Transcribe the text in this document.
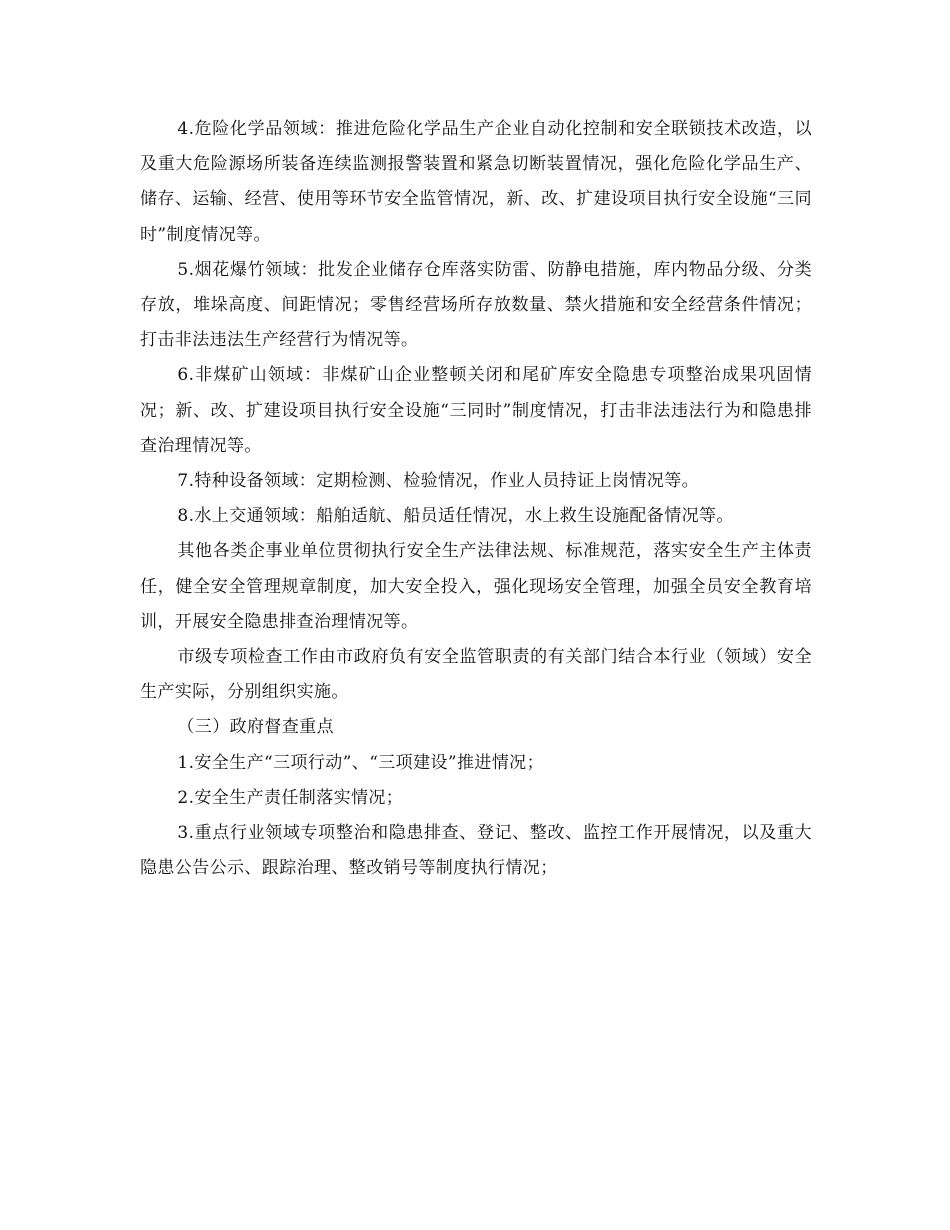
4.危险化学品领域：推进危险化学品生产企业自动化控制和安全联锁技术改造，以及重大危险源场所装备连续监测报警装置和紧急切断装置情况，强化危险化学品生产、储存、运输、经营、使用等环节安全监管情况，新、改、扩建设项目执行安全设施“三同时”制度情况等。

5.烟花爆竹领域：批发企业储存仓库落实防雷、防静电措施，库内物品分级、分类存放，堆垛高度、间距情况；零售经营场所存放数量、禁火措施和安全经营条件情况；打击非法违法生产经营行为情况等。

6.非煤矿山领域：非煤矿山企业整顿关闭和尾矿库安全隐患专项整治成果巩固情况；新、改、扩建设项目执行安全设施“三同时”制度情况，打击非法违法行为和隐患排查治理情况等。

7.特种设备领域：定期检测、检验情况，作业人员持证上岗情况等。

8.水上交通领域：船舶适航、船员适任情况，水上救生设施配备情况等。

其他各类企事业单位贯彻执行安全生产法律法规、标准规范，落实安全生产主体责任，健全安全管理规章制度，加大安全投入，强化现场安全管理，加强全员安全教育培训，开展安全隐患排查治理情况等。

市级专项检查工作由市政府负有安全监管职责的有关部门结合本行业（领域）安全生产实际，分别组织实施。

（三）政府督查重点

1.安全生产“三项行动”、“三项建设”推进情况；

2.安全生产责任制落实情况；

3.重点行业领域专项整治和隐患排查、登记、整改、监控工作开展情况，以及重大隐患公告公示、跟踪治理、整改销号等制度执行情况；
